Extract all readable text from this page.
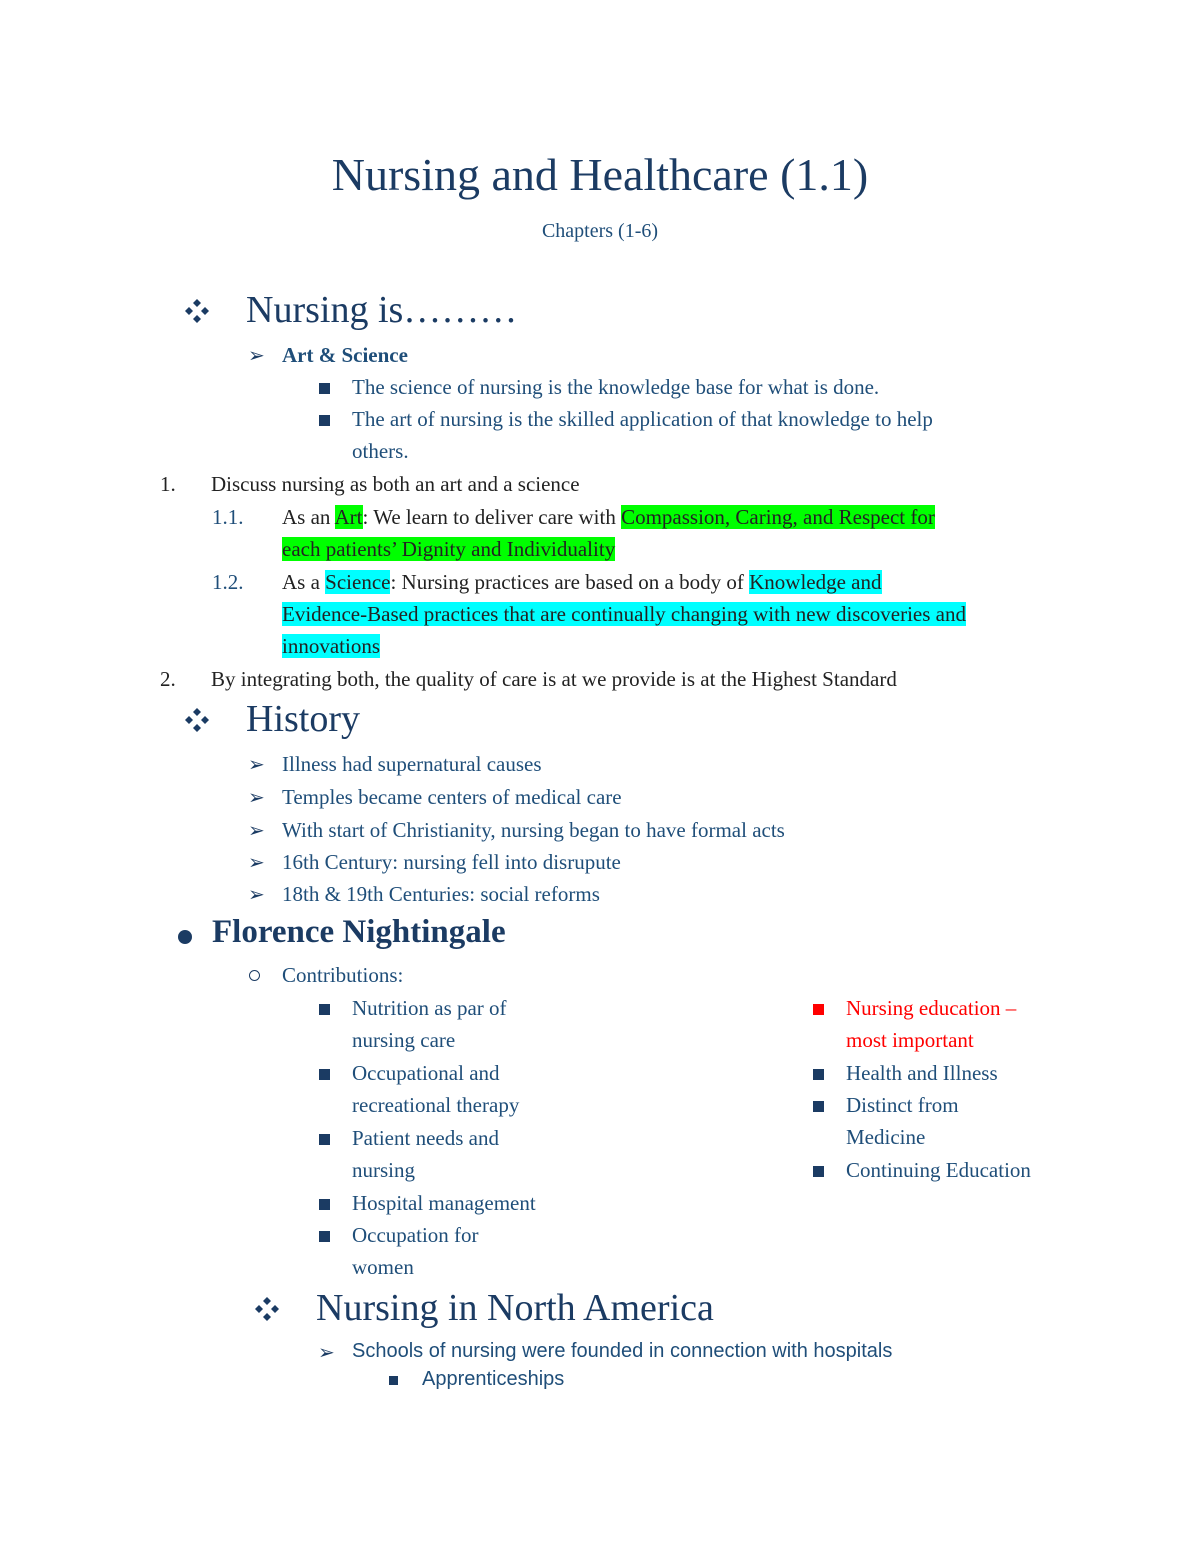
Nursing and Healthcare (1.1)
Chapters (1-6)
Nursing is………
➢ Art & Science
The science of nursing is the knowledge base for what is done.
The art of nursing is the skilled application of that knowledge to help
others.
1. Discuss nursing as both an art and a science
1.1. As an Art: We learn to deliver care with Compassion, Caring, and Respect for
each patients’ Dignity and Individuality
1.2. As a Science: Nursing practices are based on a body of Knowledge and
Evidence-Based practices that are continually changing with new discoveries and
innovations
2. By integrating both, the quality of care is at we provide is at the Highest Standard
History
➢ Illness had supernatural causes
➢ Temples became centers of medical care
➢ With start of Christianity, nursing began to have formal acts
➢ 16th Century: nursing fell into disrupute
➢ 18th & 19th Centuries: social reforms
Florence Nightingale
Contributions:
Nutrition as par of
nursing care
Occupational and
recreational therapy
Patient needs and
nursing
Hospital management
Occupation for
women
Nursing education –
most important
Health and Illness
Distinct from
Medicine
Continuing Education
Nursing in North America
➢ Schools of nursing were founded in connection with hospitals
Apprenticeships
